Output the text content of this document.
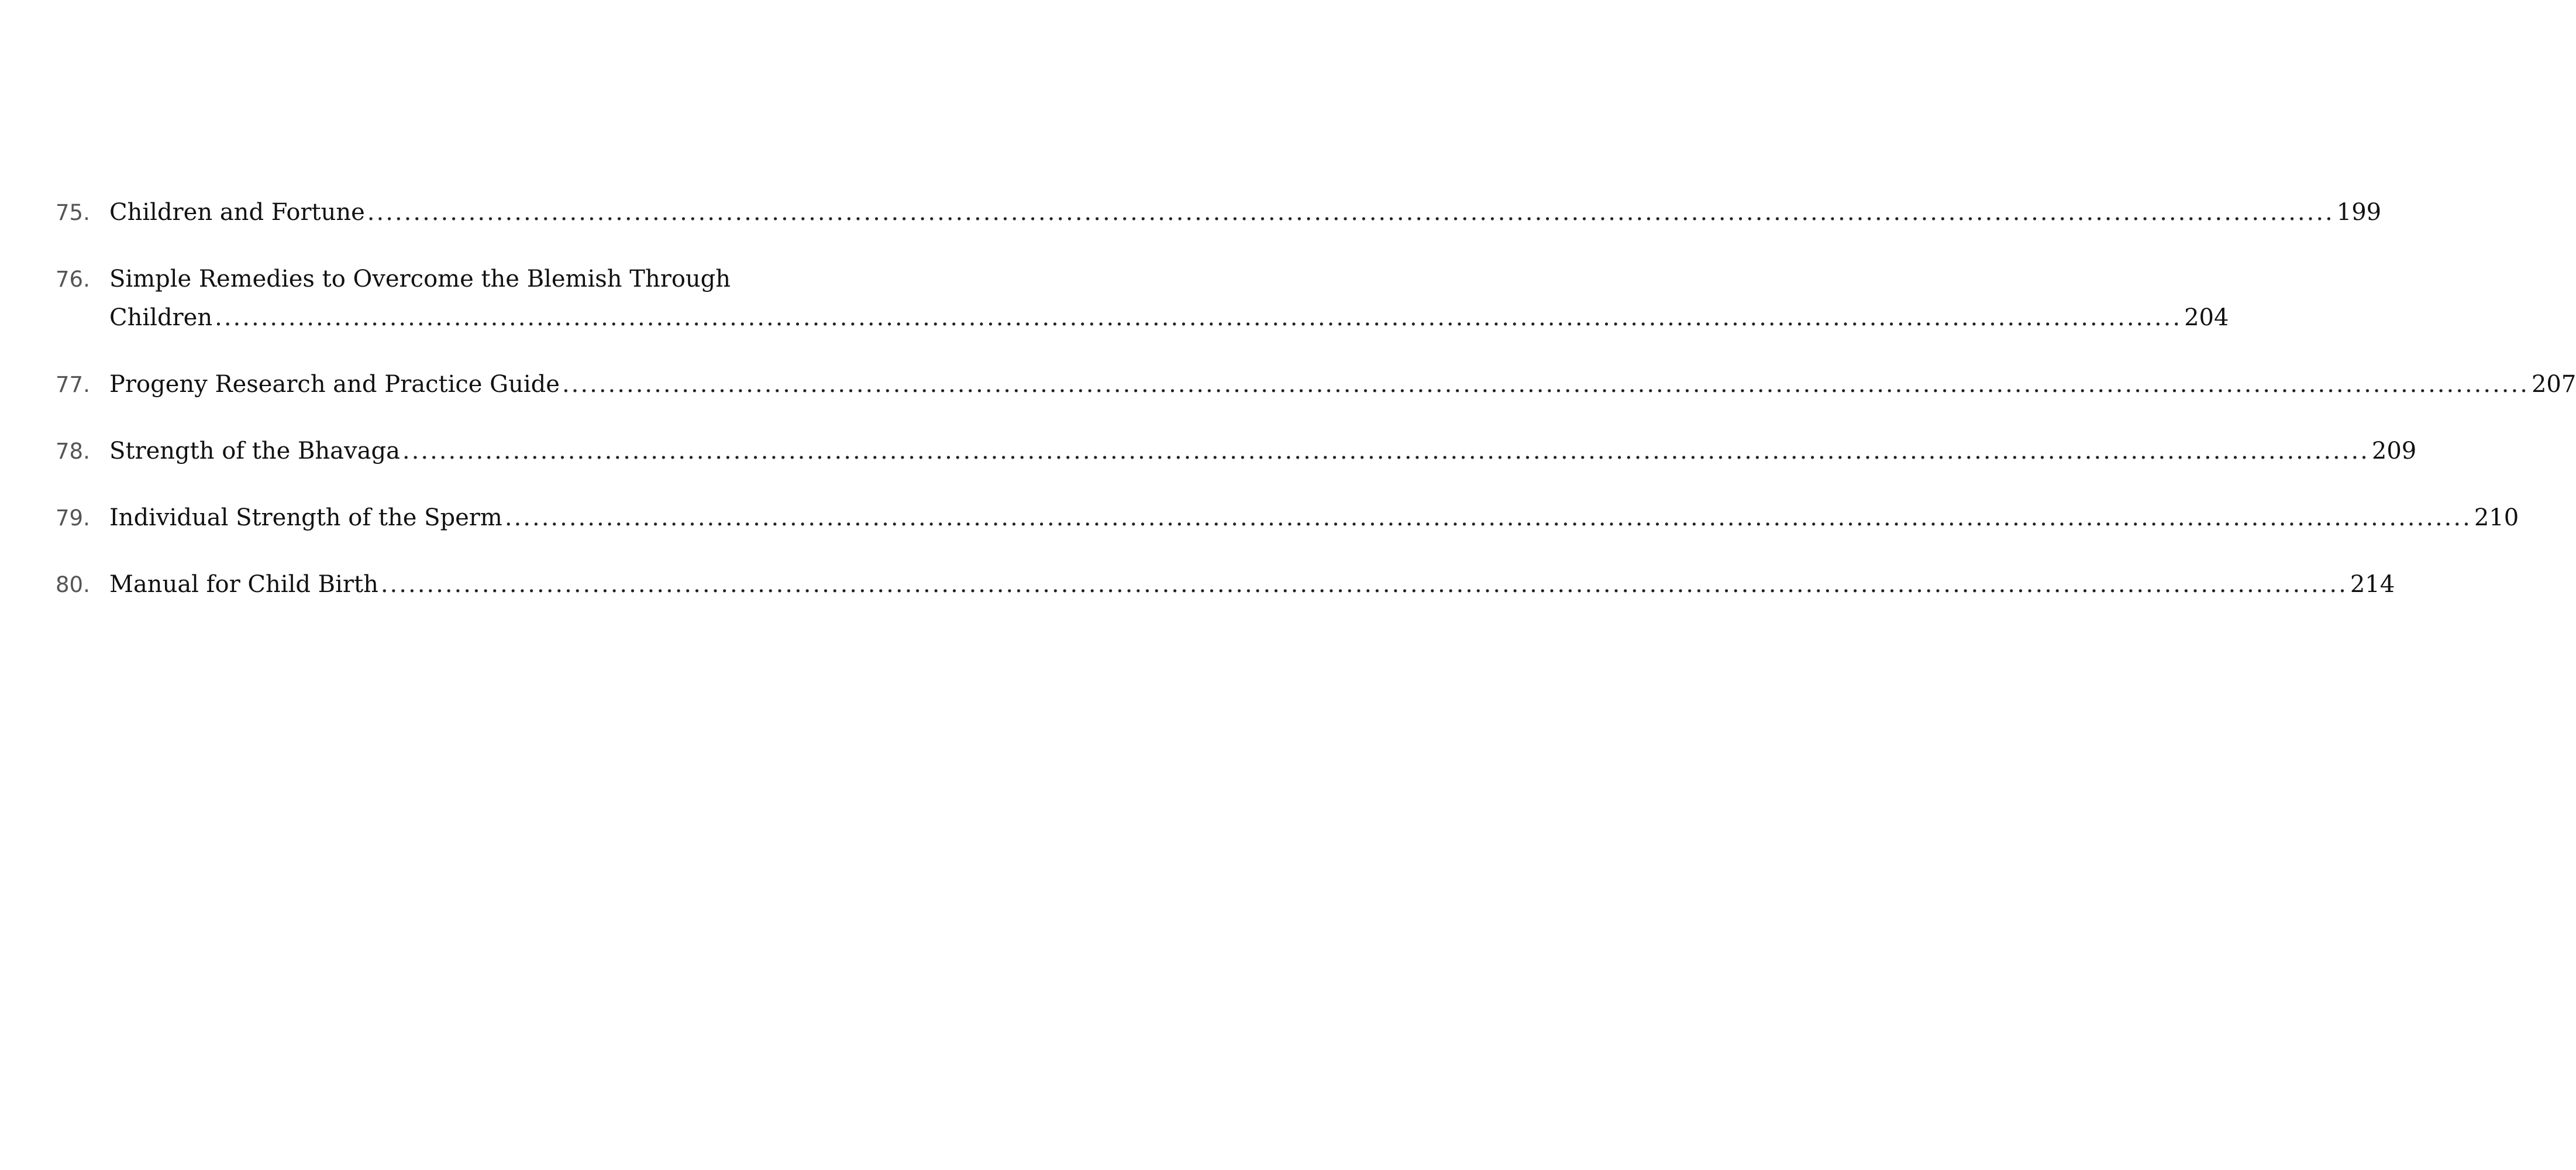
75. Children and Fortune .....	199
76. Simple Remedies to Overcome the Blemish Through
Children .....	204
77. Progeny Research and Practice Guide .....	207
78. Strength of the Bhavaga .....	209
79. Individual Strength of the Sperm .....	210
80. Manual for Child Birth .....	214
